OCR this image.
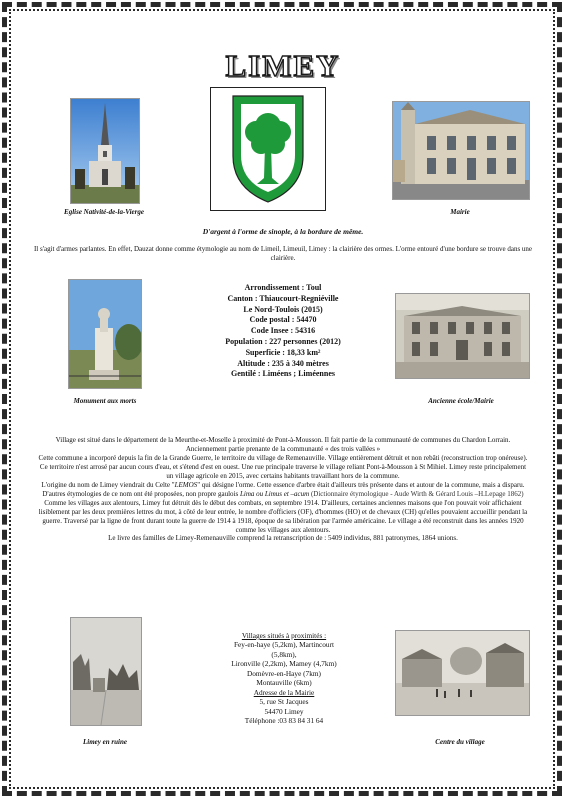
LIMEY
Eglise Nativité-de-la-Vierge	Mairie
D'argent à l'orme de sinople, à la bordure de même.
Il s'agit d'armes parlantes. En effet, Dauzat donne comme étymologie au nom de Limeil, Limeuil, Limey : la clairière des ormes. L'orme entouré d'une bordure se trouve dans une clairière.
Monument aux morts
Arrondissement : Toul
Canton : Thiaucourt-Regniéville
Le Nord-Toulois (2015)
Code postal : 54470
Code Insee : 54316
Population : 227 personnes (2012)
Superficie : 18,33 km²
Altitude : 235 à 340 mètres
Gentilé : Liméens ; Liméennes
Ancienne école/Mairie

Village est situé dans le département de la Meurthe-et-Moselle à proximité de Pont-à-Mousson. Il fait partie de la communauté de communes du Chardon Lorrain. Anciennement partie prenante de la communauté « des trois vallées »

Cette commune a incorporé depuis la fin de la Grande Guerre, le territoire du village de Remenauville. Village entièrement détruit et non rebâti (reconstruction trop onéreuse).

Ce territoire n'est arrosé par aucun cours d'eau, et s'étend d'est en ouest. Une rue principale traverse le village reliant Pont-à-Mousson à St Mihiel. Limey reste principalement un village agricole en 2015, avec certains habitants travaillant hors de la commune.

L'origine du nom de Limey viendrait du Celte "LEMOS" qui désigne l'orme. Cette essence d'arbre était d'ailleurs très présente dans et autour de la commune, mais a disparu. D'autres étymologies de ce nom ont été proposées, non propre gaulois Lima ou Limus et –acum (Dictionnaire étymologique - Aude Wirth & Gérard Louis –H.Lepage 1862)

Comme les villages aux alentours, Limey fut détruit dès le début des combats, en septembre 1914. D'ailleurs, certaines anciennes maisons que l'on pouvait voir affichaient lisiblement par les deux premières lettres du mot, à côté de leur entrée, le nombre d'officiers (OF), d'hommes (HO) et de chevaux (CH) qu'elles pouvaient accueillir pendant la guerre. Traversé par la ligne de front durant toute la guerre de 1914 à 1918, époque de sa libération par l'armée américaine. Le village a été reconstruit dans les années 1920 comme les villages aux alentours.

Le livre des familles de Limey-Remenauville comprend la retranscription de : 5409 individus, 881 patronymes, 1864 unions.

Limey en ruine
Villages situés à proximités :
Fey-en-haye (5,2km), Martincourt
(5,8km),
Lironville (2,2km), Mamey (4,7km)
Domèvre-en-Haye (7km)
Montauville (6km)
Adresse de la Mairie
5, rue St Jacques
54470 Limey
Téléphone :03 83 84 31 64
Centre du village
